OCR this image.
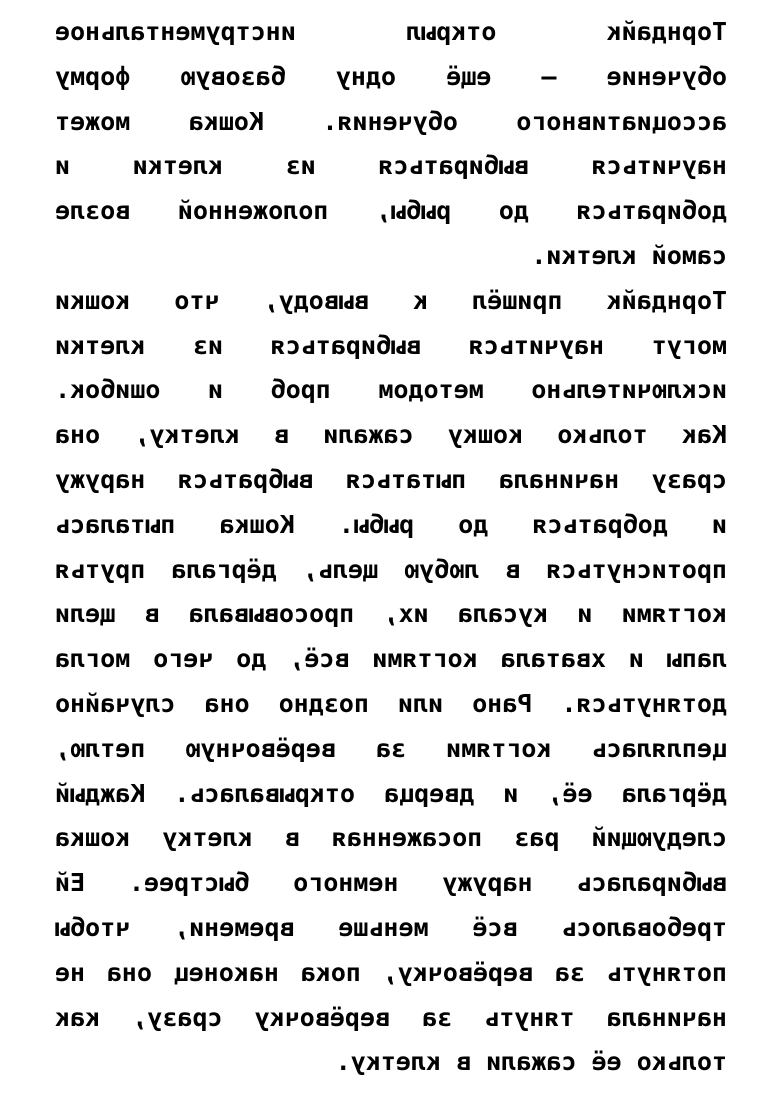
Торндайк открыл инструментальное
обучение – ещё одну базовую форму
ассоциативного обучения. Кошка может
научиться выбираться из клетки и
добираться до рыбы, положенной возле
самой клетки.
Торндайк пришёл к выводу, что кошки
могут научиться выбираться из клетки
исключительно методом проб и ошибок.
Как только кошку сажали в клетку, она
сразу начинала пытаться выбраться наружу
и добраться до рыбы. Кошка пыталась
протиснуться в любую щель, дёргала прутья
когтями и кусала их, просовывала в щели
лапы и хватала когтями всё, до чего могла
дотянуться. Рано или поздно она случайно
цеплялась когтями за верёвочную петлю,
дёргала её, и дверца открывалась. Каждый
следующий раз посаженная в клетку кошка
выбиралась наружу немного быстрее. Ей
требовалось всё меньше времени, чтобы
потянуть за верёвочку, пока наконец она не
начинала тянуть за верёвочку сразу, как
только её сажали в клетку.
